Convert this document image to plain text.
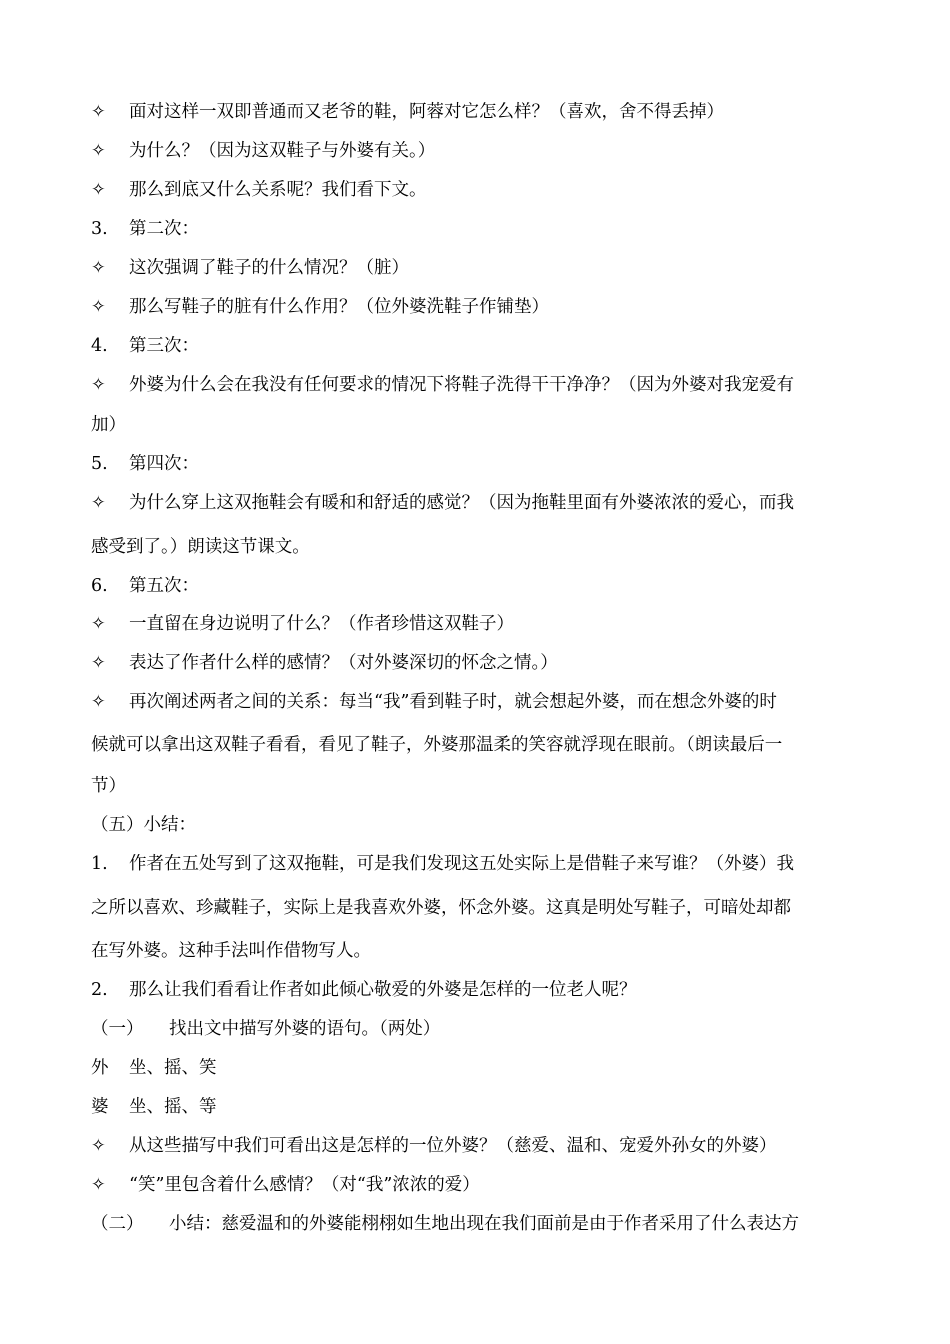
✧ 面对这样一双即普通而又老爷的鞋，阿蓉对它怎么样？（喜欢，舍不得丢掉）
✧ 为什么？（因为这双鞋子与外婆有关。）
✧ 那么到底又什么关系呢？我们看下文。
3. 第二次：
✧ 这次强调了鞋子的什么情况？（脏）
✧ 那么写鞋子的脏有什么作用？（位外婆洗鞋子作铺垫）
4. 第三次：
✧ 外婆为什么会在我没有任何要求的情况下将鞋子洗得干干净净？（因为外婆对我宠爱有
加）
5. 第四次：
✧ 为什么穿上这双拖鞋会有暖和和舒适的感觉？（因为拖鞋里面有外婆浓浓的爱心，而我
感受到了。）朗读这节课文。
6. 第五次：
✧ 一直留在身边说明了什么？（作者珍惜这双鞋子）
✧ 表达了作者什么样的感情？（对外婆深切的怀念之情。）
✧ 再次阐述两者之间的关系：每当“我”看到鞋子时，就会想起外婆，而在想念外婆的时
候就可以拿出这双鞋子看看，看见了鞋子，外婆那温柔的笑容就浮现在眼前。（朗读最后一
节）
（五）小结：
1. 作者在五处写到了这双拖鞋，可是我们发现这五处实际上是借鞋子来写谁？（外婆）我
之所以喜欢、珍藏鞋子，实际上是我喜欢外婆，怀念外婆。这真是明处写鞋子，可暗处却都
在写外婆。这种手法叫作借物写人。
2. 那么让我们看看让作者如此倾心敬爱的外婆是怎样的一位老人呢？
（一） 找出文中描写外婆的语句。（两处）
外 坐、摇、笑
婆 坐、摇、等
✧ 从这些描写中我们可看出这是怎样的一位外婆？（慈爱、温和、宠爱外孙女的外婆）
✧ “笑”里包含着什么感情？（对“我”浓浓的爱）
（二） 小结：慈爱温和的外婆能栩栩如生地出现在我们面前是由于作者采用了什么表达方
